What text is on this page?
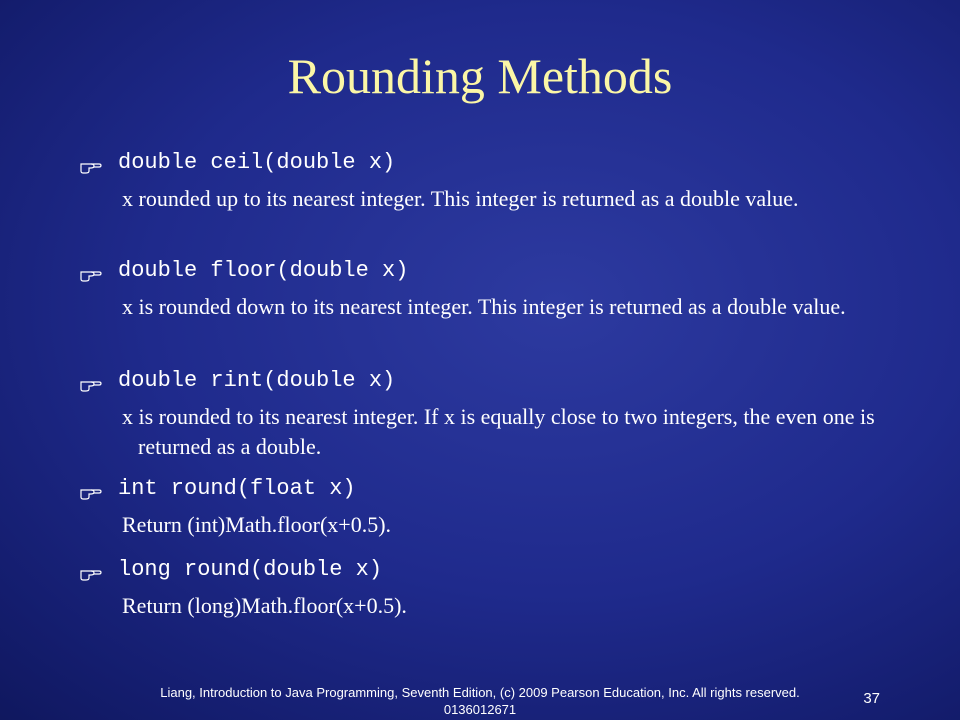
Rounding Methods
double ceil(double x)
x rounded up to its nearest integer. This integer is returned as a double value.
double floor(double x)
x is rounded down to its nearest integer. This integer is returned as a double value.
double rint(double x)
x is rounded to its nearest integer. If x is equally close to two integers, the even one is returned as a double.
int round(float x)
Return (int)Math.floor(x+0.5).
long round(double x)
Return (long)Math.floor(x+0.5).
Liang, Introduction to Java Programming, Seventh Edition, (c) 2009 Pearson Education, Inc. All rights reserved. 0136012671
37
